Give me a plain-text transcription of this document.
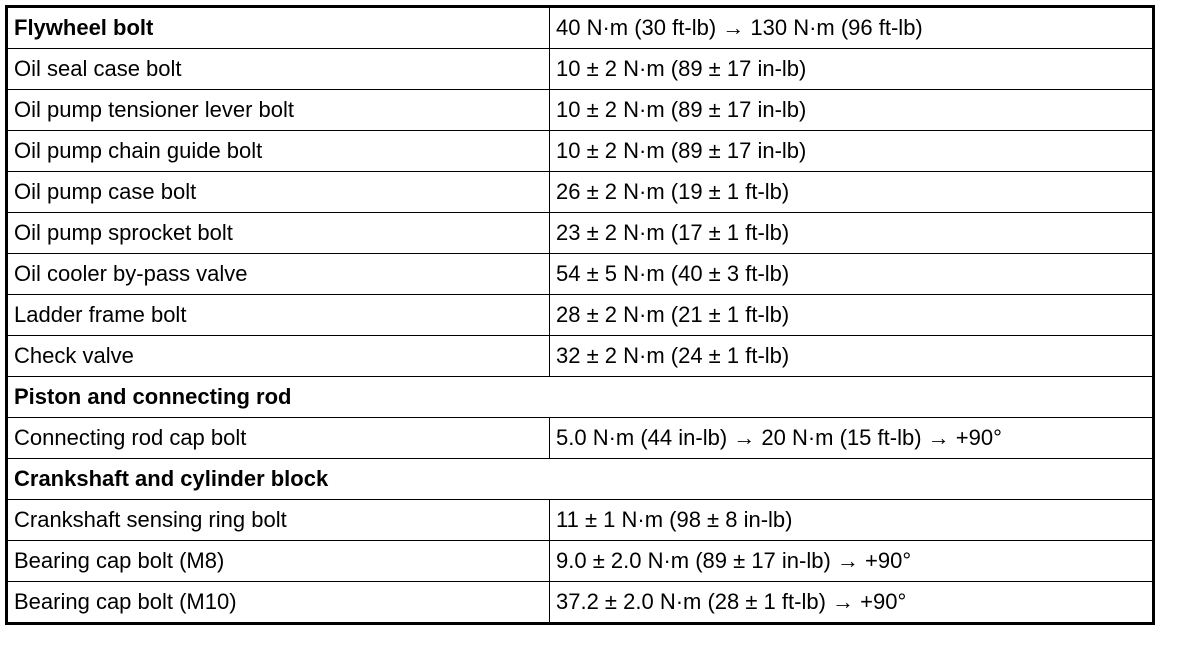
Flywheel bolt	40 N·m (30 ft-lb) → 130 N·m (96 ft-lb)
Oil seal case bolt	10 ± 2 N·m (89 ± 17 in-lb)
Oil pump tensioner lever bolt	10 ± 2 N·m (89 ± 17 in-lb)
Oil pump chain guide bolt	10 ± 2 N·m (89 ± 17 in-lb)
Oil pump case bolt	26 ± 2 N·m (19 ± 1 ft-lb)
Oil pump sprocket bolt	23 ± 2 N·m (17 ± 1 ft-lb)
Oil cooler by-pass valve	54 ± 5 N·m (40 ± 3 ft-lb)
Ladder frame bolt	28 ± 2 N·m (21 ± 1 ft-lb)
Check valve	32 ± 2 N·m (24 ± 1 ft-lb)
Piston and connecting rod	
Connecting rod cap bolt	5.0 N·m (44 in-lb) → 20 N·m (15 ft-lb) → +90°
Crankshaft and cylinder block	
Crankshaft sensing ring bolt	11 ± 1 N·m (98 ± 8 in-lb)
Bearing cap bolt (M8)	9.0 ± 2.0 N·m (89 ± 17 in-lb) → +90°
Bearing cap bolt (M10)	37.2 ± 2.0 N·m (28 ± 1 ft-lb) → +90°
